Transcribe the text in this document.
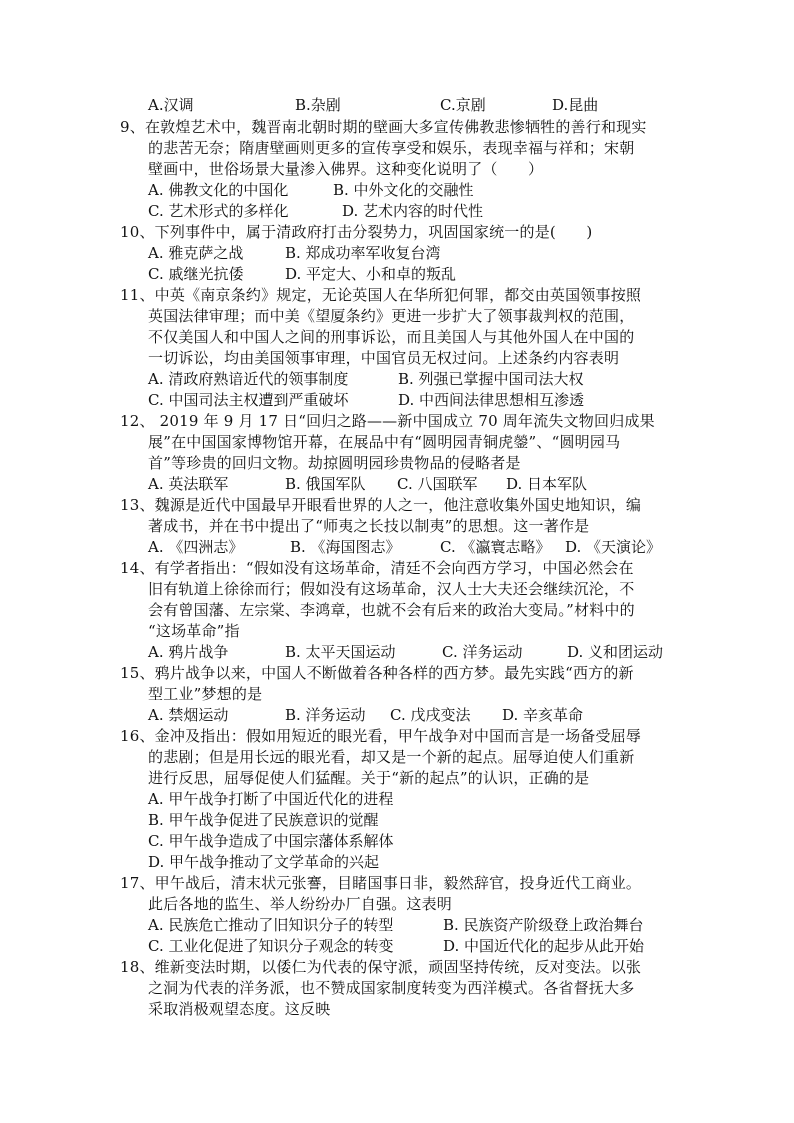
A.汉调	B.杂剧	C.京剧	D.昆曲
9、在敦煌艺术中，魏晋南北朝时期的壁画大多宣传佛教悲惨牺牲的善行和现实
的悲苦无奈；隋唐壁画则更多的宣传享受和娱乐，表现幸福与祥和；宋朝
壁画中，世俗场景大量渗入佛界。这种变化说明了（　　）
A. 佛教文化的中国化	B. 中外文化的交融性
C. 艺术形式的多样化	D. 艺术内容的时代性
10、下列事件中，属于清政府打击分裂势力，巩固国家统一的是(　　)
A. 雅克萨之战	B. 郑成功率军收复台湾
C. 戚继光抗倭	D. 平定大、小和卓的叛乱
11、中英《南京条约》规定，无论英国人在华所犯何罪，都交由英国领事按照
英国法律审理；而中美《望厦条约》更进一步扩大了领事裁判权的范围，
不仅美国人和中国人之间的刑事诉讼，而且美国人与其他外国人在中国的
一切诉讼，均由美国领事审理，中国官员无权过问。上述条约内容表明
A. 清政府熟谙近代的领事制度	B. 列强已掌握中国司法大权
C. 中国司法主权遭到严重破坏	D. 中西间法律思想相互渗透
12、 2019 年 9 月 17 日“回归之路——新中国成立 70 周年流失文物回归成果
展”在中国国家博物馆开幕，在展品中有“圆明园青铜虎鎣”、“圆明园马
首”等珍贵的回归文物。劫掠圆明园珍贵物品的侵略者是
A. 英法联军	B. 俄国军队 C. 八国联军 D. 日本军队
13、魏源是近代中国最早开眼看世界的人之一，他注意收集外国史地知识，编
著成书，并在书中提出了“师夷之长技以制夷”的思想。这一著作是
A. 《四洲志》	B. 《海国图志》	C. 《瀛寰志略》 D. 《天演论》
14、有学者指出：“假如没有这场革命，清廷不会向西方学习，中国必然会在
旧有轨道上徐徐而行；假如没有这场革命，汉人士大夫还会继续沉沦，不
会有曾国藩、左宗棠、李鸿章，也就不会有后来的政治大变局。”材料中的
“这场革命”指
A. 鸦片战争	B. 太平天国运动	C. 洋务运动	D. 义和团运动
15、鸦片战争以来，中国人不断做着各种各样的西方梦。最先实践“西方的新
型工业”梦想的是
A. 禁烟运动	B. 洋务运动 C. 戊戌变法 D. 辛亥革命
16、金冲及指出：假如用短近的眼光看，甲午战争对中国而言是一场备受屈辱
的悲剧；但是用长远的眼光看，却又是一个新的起点。屈辱迫使人们重新
进行反思，屈辱促使人们猛醒。关于“新的起点”的认识，正确的是
A. 甲午战争打断了中国近代化的进程
B. 甲午战争促进了民族意识的觉醒
C. 甲午战争造成了中国宗藩体系解体
D. 甲午战争推动了文学革命的兴起
17、甲午战后，清末状元张謇，目睹国事日非，毅然辞官，投身近代工商业。
此后各地的监生、举人纷纷办厂自强。这表明
A. 民族危亡推动了旧知识分子的转型	B. 民族资产阶级登上政治舞台
C. 工业化促进了知识分子观念的转变	D. 中国近代化的起步从此开始
18、维新变法时期，以倭仁为代表的保守派，顽固坚持传统，反对变法。以张
之洞为代表的洋务派，也不赞成国家制度转变为西洋模式。各省督抚大多
采取消极观望态度。这反映
